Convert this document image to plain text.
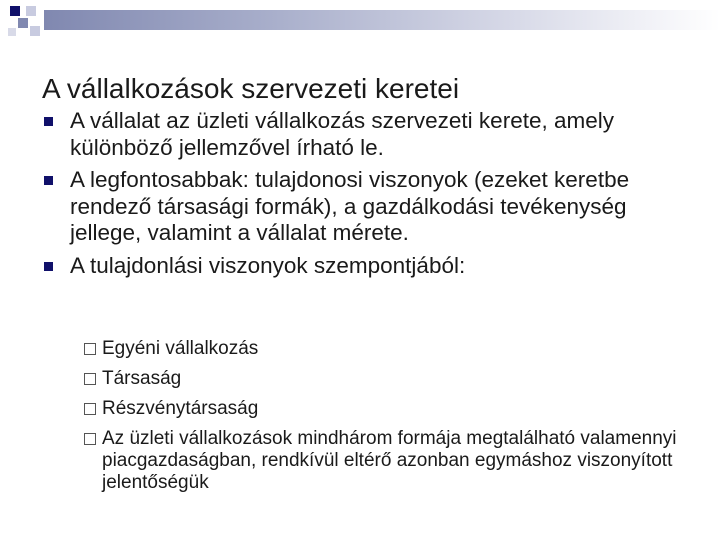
A vállalkozások szervezeti keretei
A vállalat az üzleti vállalkozás szervezeti kerete, amely különböző jellemzővel írható le.
A legfontosabbak: tulajdonosi viszonyok (ezeket keretbe rendező társasági formák), a gazdálkodási tevékenység jellege, valamint a vállalat mérete.
A tulajdonlási viszonyok szempontjából:
Egyéni vállalkozás
Társaság
Részvénytársaság
Az üzleti vállalkozások mindhárom formája megtalálható valamennyi piacgazdaságban, rendkívül eltérő azonban egymáshoz viszonyított jelentőségük
